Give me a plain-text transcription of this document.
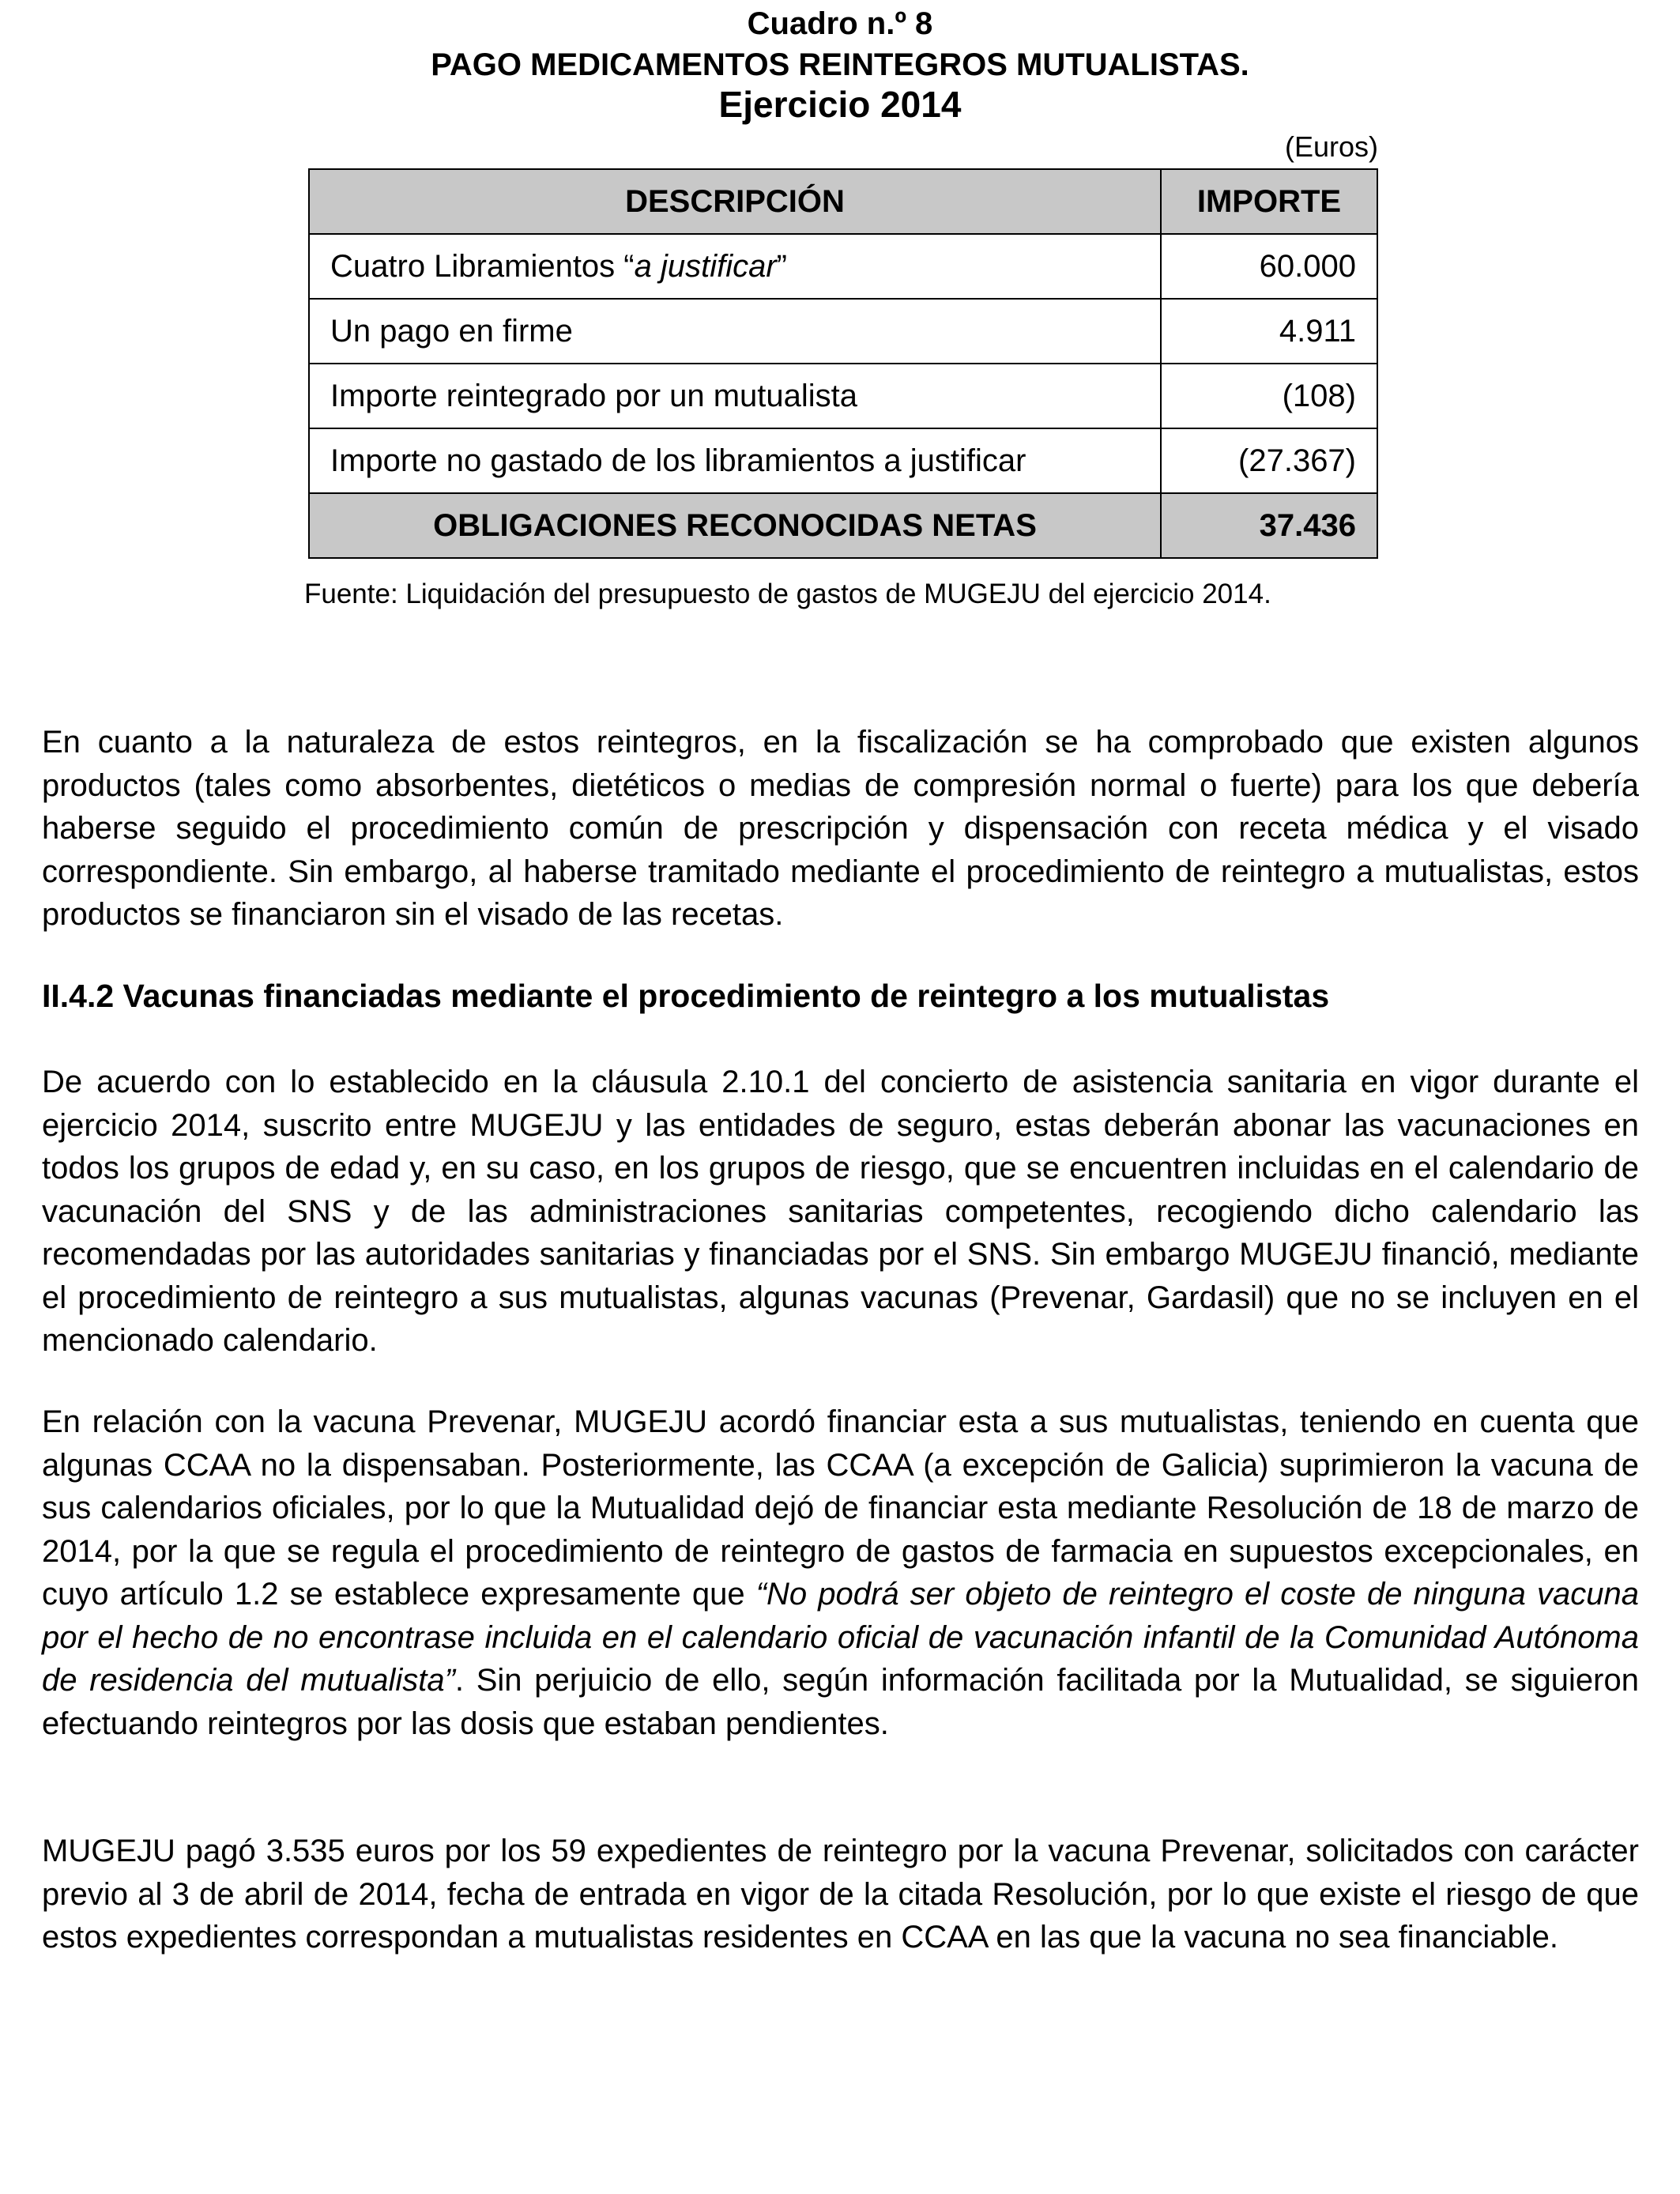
Cuadro n.º 8
PAGO MEDICAMENTOS REINTEGROS MUTUALISTAS.
Ejercicio 2014
(Euros)
DESCRIPCIÓN	IMPORTE
Cuatro Libramientos “a justificar”	60.000
Un pago en firme	4.911
Importe reintegrado por un mutualista	(108)
Importe no gastado de los libramientos a justificar	(27.367)
OBLIGACIONES RECONOCIDAS NETAS	37.436
Fuente: Liquidación del presupuesto de gastos de MUGEJU del ejercicio 2014.

En cuanto a la naturaleza de estos reintegros, en la fiscalización se ha comprobado que existen algunos productos (tales como absorbentes, dietéticos o medias de compresión normal o fuerte) para los que debería haberse seguido el procedimiento común de prescripción y dispensación con receta médica y el visado correspondiente. Sin embargo, al haberse tramitado mediante el procedimiento de reintegro a mutualistas, estos productos se financiaron sin el visado de las recetas.

II.4.2 Vacunas financiadas mediante el procedimiento de reintegro a los mutualistas

De acuerdo con lo establecido en la cláusula 2.10.1 del concierto de asistencia sanitaria en vigor durante el ejercicio 2014, suscrito entre MUGEJU y las entidades de seguro, estas deberán abonar las vacunaciones en todos los grupos de edad y, en su caso, en los grupos de riesgo, que se encuentren incluidas en el calendario de vacunación del SNS y de las administraciones sanitarias competentes, recogiendo dicho calendario las recomendadas por las autoridades sanitarias y financiadas por el SNS. Sin embargo MUGEJU financió, mediante el procedimiento de reintegro a sus mutualistas, algunas vacunas (Prevenar, Gardasil) que no se incluyen en el mencionado calendario.

En relación con la vacuna Prevenar, MUGEJU acordó financiar esta a sus mutualistas, teniendo en cuenta que algunas CCAA no la dispensaban. Posteriormente, las CCAA (a excepción de Galicia) suprimieron la vacuna de sus calendarios oficiales, por lo que la Mutualidad dejó de financiar esta mediante Resolución de 18 de marzo de 2014, por la que se regula el procedimiento de reintegro de gastos de farmacia en supuestos excepcionales, en cuyo artículo 1.2 se establece expresamente que “No podrá ser objeto de reintegro el coste de ninguna vacuna por el hecho de no encontrase incluida en el calendario oficial de vacunación infantil de la Comunidad Autónoma de residencia del mutualista”. Sin perjuicio de ello, según información facilitada por la Mutualidad, se siguieron efectuando reintegros por las dosis que estaban pendientes.

MUGEJU pagó 3.535 euros por los 59 expedientes de reintegro por la vacuna Prevenar, solicitados con carácter previo al 3 de abril de 2014, fecha de entrada en vigor de la citada Resolución, por lo que existe el riesgo de que estos expedientes correspondan a mutualistas residentes en CCAA en las que la vacuna no sea financiable.
